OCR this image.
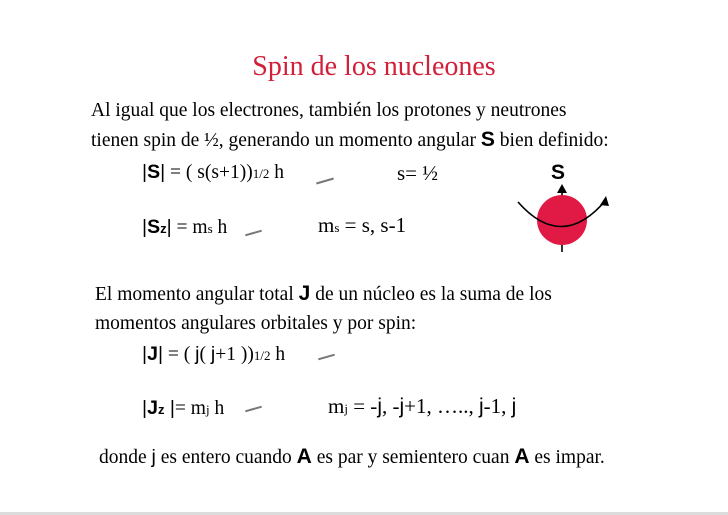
Spin de los nucleones
Al igual que los electrones, también los protones y neutrones
tienen spin de ½, generando un momento angular S bien definido:
|S| = ( s(s+1))1/2 h	s= ½	S
|Sz| = ms h	ms = s, s-1
El momento angular total J de un núcleo es la suma de los
momentos angulares orbitales y por spin:
|J| = ( j( j+1 ))1/2 h
|Jz |= mj h	mj = -j, -j+1, ….., j-1, j
donde j es entero cuando A es par y semientero cuan A es impar.
